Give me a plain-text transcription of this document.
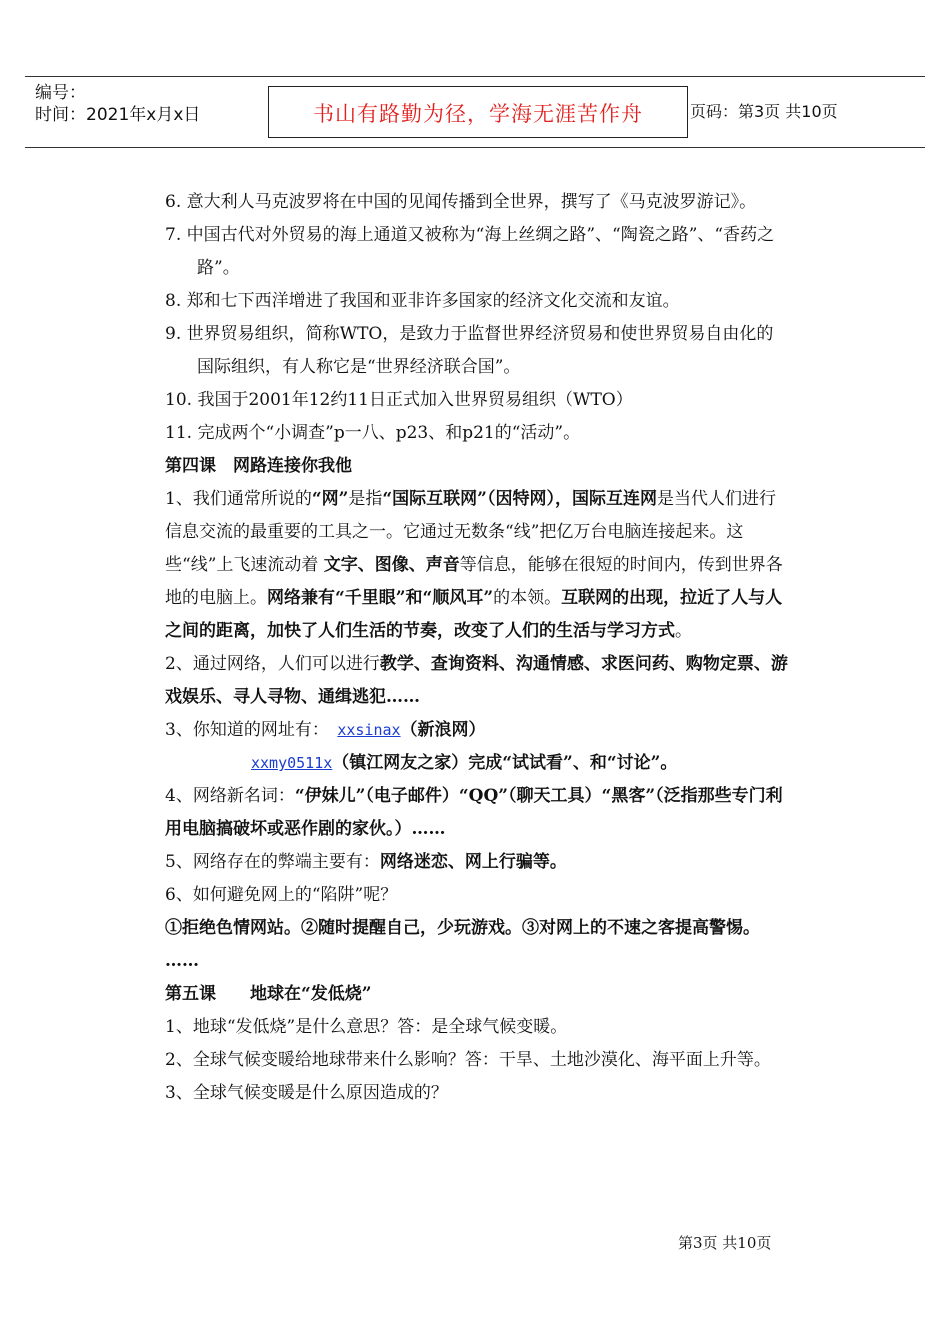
编号：
时间：2021年x月x日	书山有路勤为径，学海无涯苦作舟	页码：第3页 共10页

6. 意大利人马克波罗将在中国的见闻传播到全世界，撰写了《马克波罗游记》。

7. 中国古代对外贸易的海上通道又被称为“海上丝绸之路”、“陶瓷之路”、“香药之路”。

8. 郑和七下西洋增进了我国和亚非许多国家的经济文化交流和友谊。

9. 世界贸易组织，简称WTO，是致力于监督世界经济贸易和使世界贸易自由化的国际组织，有人称它是“世界经济联合国”。

10. 我国于2001年12约11日正式加入世界贸易组织（WTO）

11. 完成两个“小调查”p一八、p23、和p21的“活动”。

第四课　网路连接你我他

1、我们通常所说的“网”是指“国际互联网”（因特网），国际互连网是当代人们进行信息交流的最重要的工具之一。它通过无数条“线”把亿万台电脑连接起来。这些“线”上飞速流动着 文字、图像、声音等信息，能够在很短的时间内，传到世界各地的电脑上。网络兼有“千里眼”和“顺风耳”的本领。互联网的出现，拉近了人与人之间的距离，加快了人们生活的节奏，改变了人们的生活与学习方式。

2、通过网络，人们可以进行教学、查询资料、沟通情感、求医问药、购物定票、游戏娱乐、寻人寻物、通缉逃犯……

3、你知道的网址有：　xxsinax（新浪网）

xxmy0511x（镇江网友之家）完成“试试看”、和“讨论”。

4、网络新名词：“伊妹儿”（电子邮件）“QQ”（聊天工具）“黑客”（泛指那些专门利用电脑搞破坏或恶作剧的家伙。）……

5、网络存在的弊端主要有：网络迷恋、网上行骗等。

6、如何避免网上的“陷阱”呢？

①拒绝色情网站。②随时提醒自己，少玩游戏。③对网上的不速之客提高警惕。 ……

第五课　　地球在“发低烧”

1、地球“发低烧”是什么意思？答：是全球气候变暖。

2、全球气候变暖给地球带来什么影响？答：干旱、土地沙漠化、海平面上升等。

3、全球气候变暖是什么原因造成的？

第3页 共10页
